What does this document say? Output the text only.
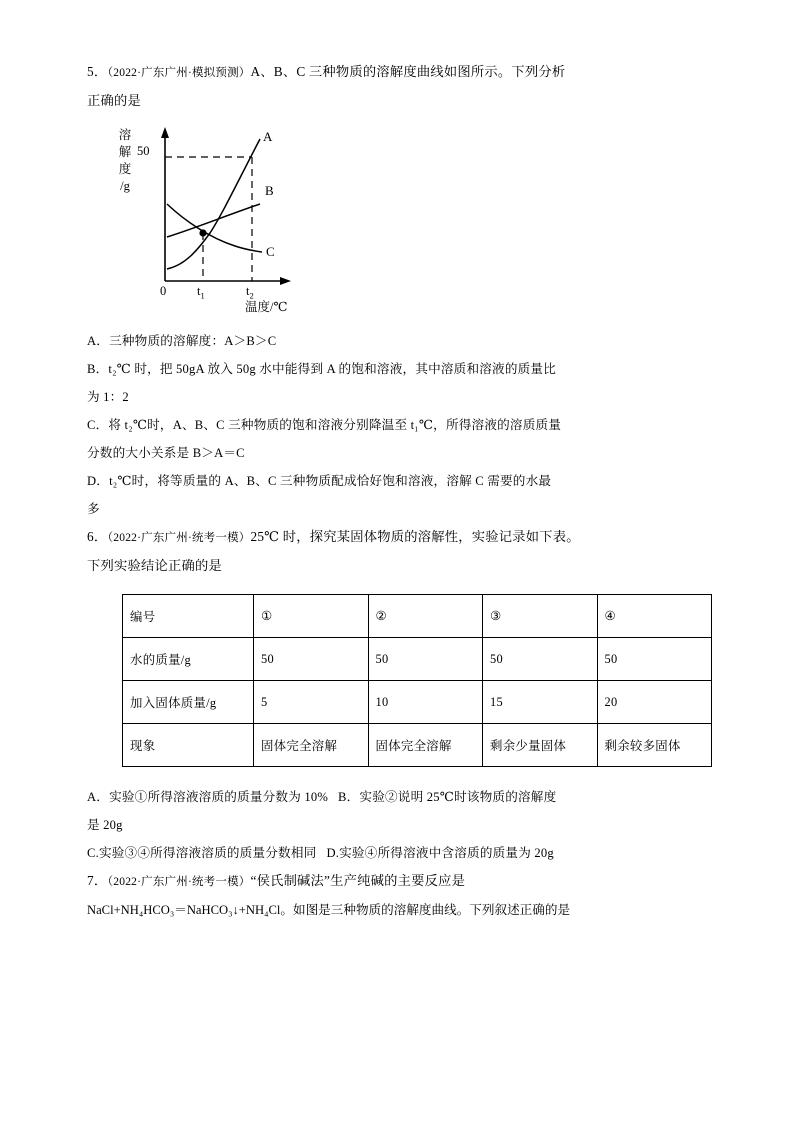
5．（2022·广东广州·模拟预测）A、B、C 三种物质的溶解度曲线如图所示。下列分析
正确的是
溶
解
度
/g
50
A
B
C
0 $t_1$	$t_2$
温度/℃
A．三种物质的溶解度：A＞B＞C
B．t₂℃ 时，把 50gA 放入 50g 水中能得到 A 的饱和溶液，其中溶质和溶液的质量比
为 1：2
C．将 t₂℃时，A、B、C 三种物质的饱和溶液分别降温至 t₁℃，所得溶液的溶质质量
分数的大小关系是 B＞A＝C
D．t₂℃时，将等质量的 A、B、C 三种物质配成恰好饱和溶液，溶解 C 需要的水最
多
6．（2022·广东广州·统考一模）25℃ 时，探究某固体物质的溶解性，实验记录如下表。
下列实验结论正确的是
编号	①	②	③	④
水的质量/g	50	50	50	50
加入固体质量/g	5	10	15	20
现象	固体完全溶解	固体完全溶解	剩余少量固体	剩余较多固体
A．实验①所得溶液溶质的质量分数为 10% B．实验②说明 25℃时该物质的溶解度
是 20g
C.实验③④所得溶液溶质的质量分数相同 D.实验④所得溶液中含溶质的质量为 20g
7．（2022·广东广州·统考一模）“侯氏制碱法”生产纯碱的主要反应是
NaCl+NH₄HCO₃＝NaHCO₃↓+NH₄Cl。如图是三种物质的溶解度曲线。下列叙述正确的是
